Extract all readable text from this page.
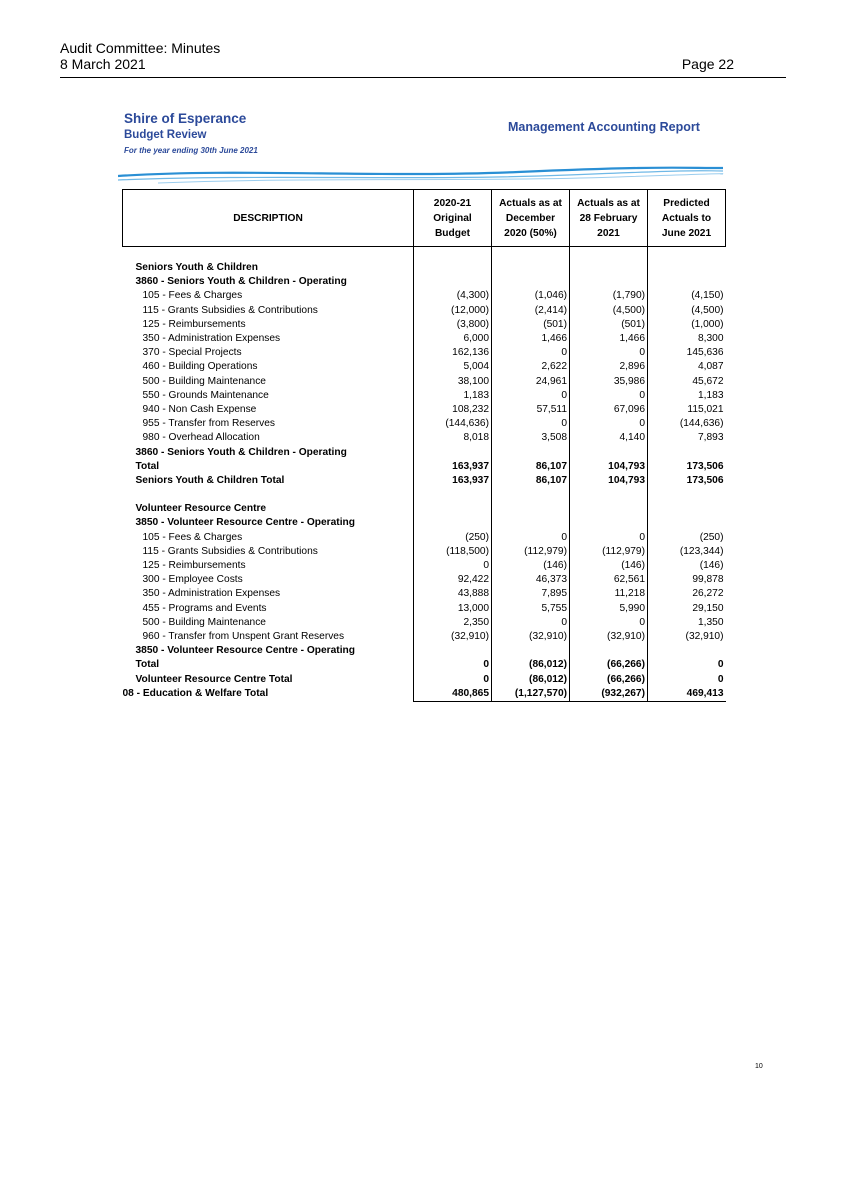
Audit Committee: Minutes
8 March 2021	Page 22
Shire of Esperance
Budget Review
For the year ending 30th June 2021
Management Accounting Report
DESCRIPTION	2020-21
Original
Budget	Actuals as at
December
2020 (50%)	Actuals as at
28 February
2021	Predicted
Actuals to
June 2021

Seniors Youth & Children				
3860 - Seniors Youth & Children - Operating				
105 - Fees & Charges	(4,300)	(1,046)	(1,790)	(4,150)
115 - Grants Subsidies & Contributions	(12,000)	(2,414)	(4,500)	(4,500)
125 - Reimbursements	(3,800)	(501)	(501)	(1,000)
350 - Administration Expenses	6,000	1,466	1,466	8,300
370 - Special Projects	162,136	0	0	145,636
460 - Building Operations	5,004	2,622	2,896	4,087
500 - Building Maintenance	38,100	24,961	35,986	45,672
550 - Grounds Maintenance	1,183	0	0	1,183
940 - Non Cash Expense	108,232	57,511	67,096	115,021
955 - Transfer from Reserves	(144,636)	0	0	(144,636)
980 - Overhead Allocation	8,018	3,508	4,140	7,893
3860 - Seniors Youth & Children - Operating				
Total	163,937	86,107	104,793	173,506
Seniors Youth & Children Total	163,937	86,107	104,793	173,506

Volunteer Resource Centre				
3850 - Volunteer Resource Centre - Operating				
105 - Fees & Charges	(250)	0	0	(250)
115 - Grants Subsidies & Contributions	(118,500)	(112,979)	(112,979)	(123,344)
125 - Reimbursements	0	(146)	(146)	(146)
300 - Employee Costs	92,422	46,373	62,561	99,878
350 - Administration Expenses	43,888	7,895	11,218	26,272
455 - Programs and Events	13,000	5,755	5,990	29,150
500 - Building Maintenance	2,350	0	0	1,350
960 - Transfer from Unspent Grant Reserves	(32,910)	(32,910)	(32,910)	(32,910)
3850 - Volunteer Resource Centre - Operating				
Total	0	(86,012)	(66,266)	0
Volunteer Resource Centre Total	0	(86,012)	(66,266)	0
08 - Education & Welfare Total	480,865	(1,127,570)	(932,267)	469,413
10
